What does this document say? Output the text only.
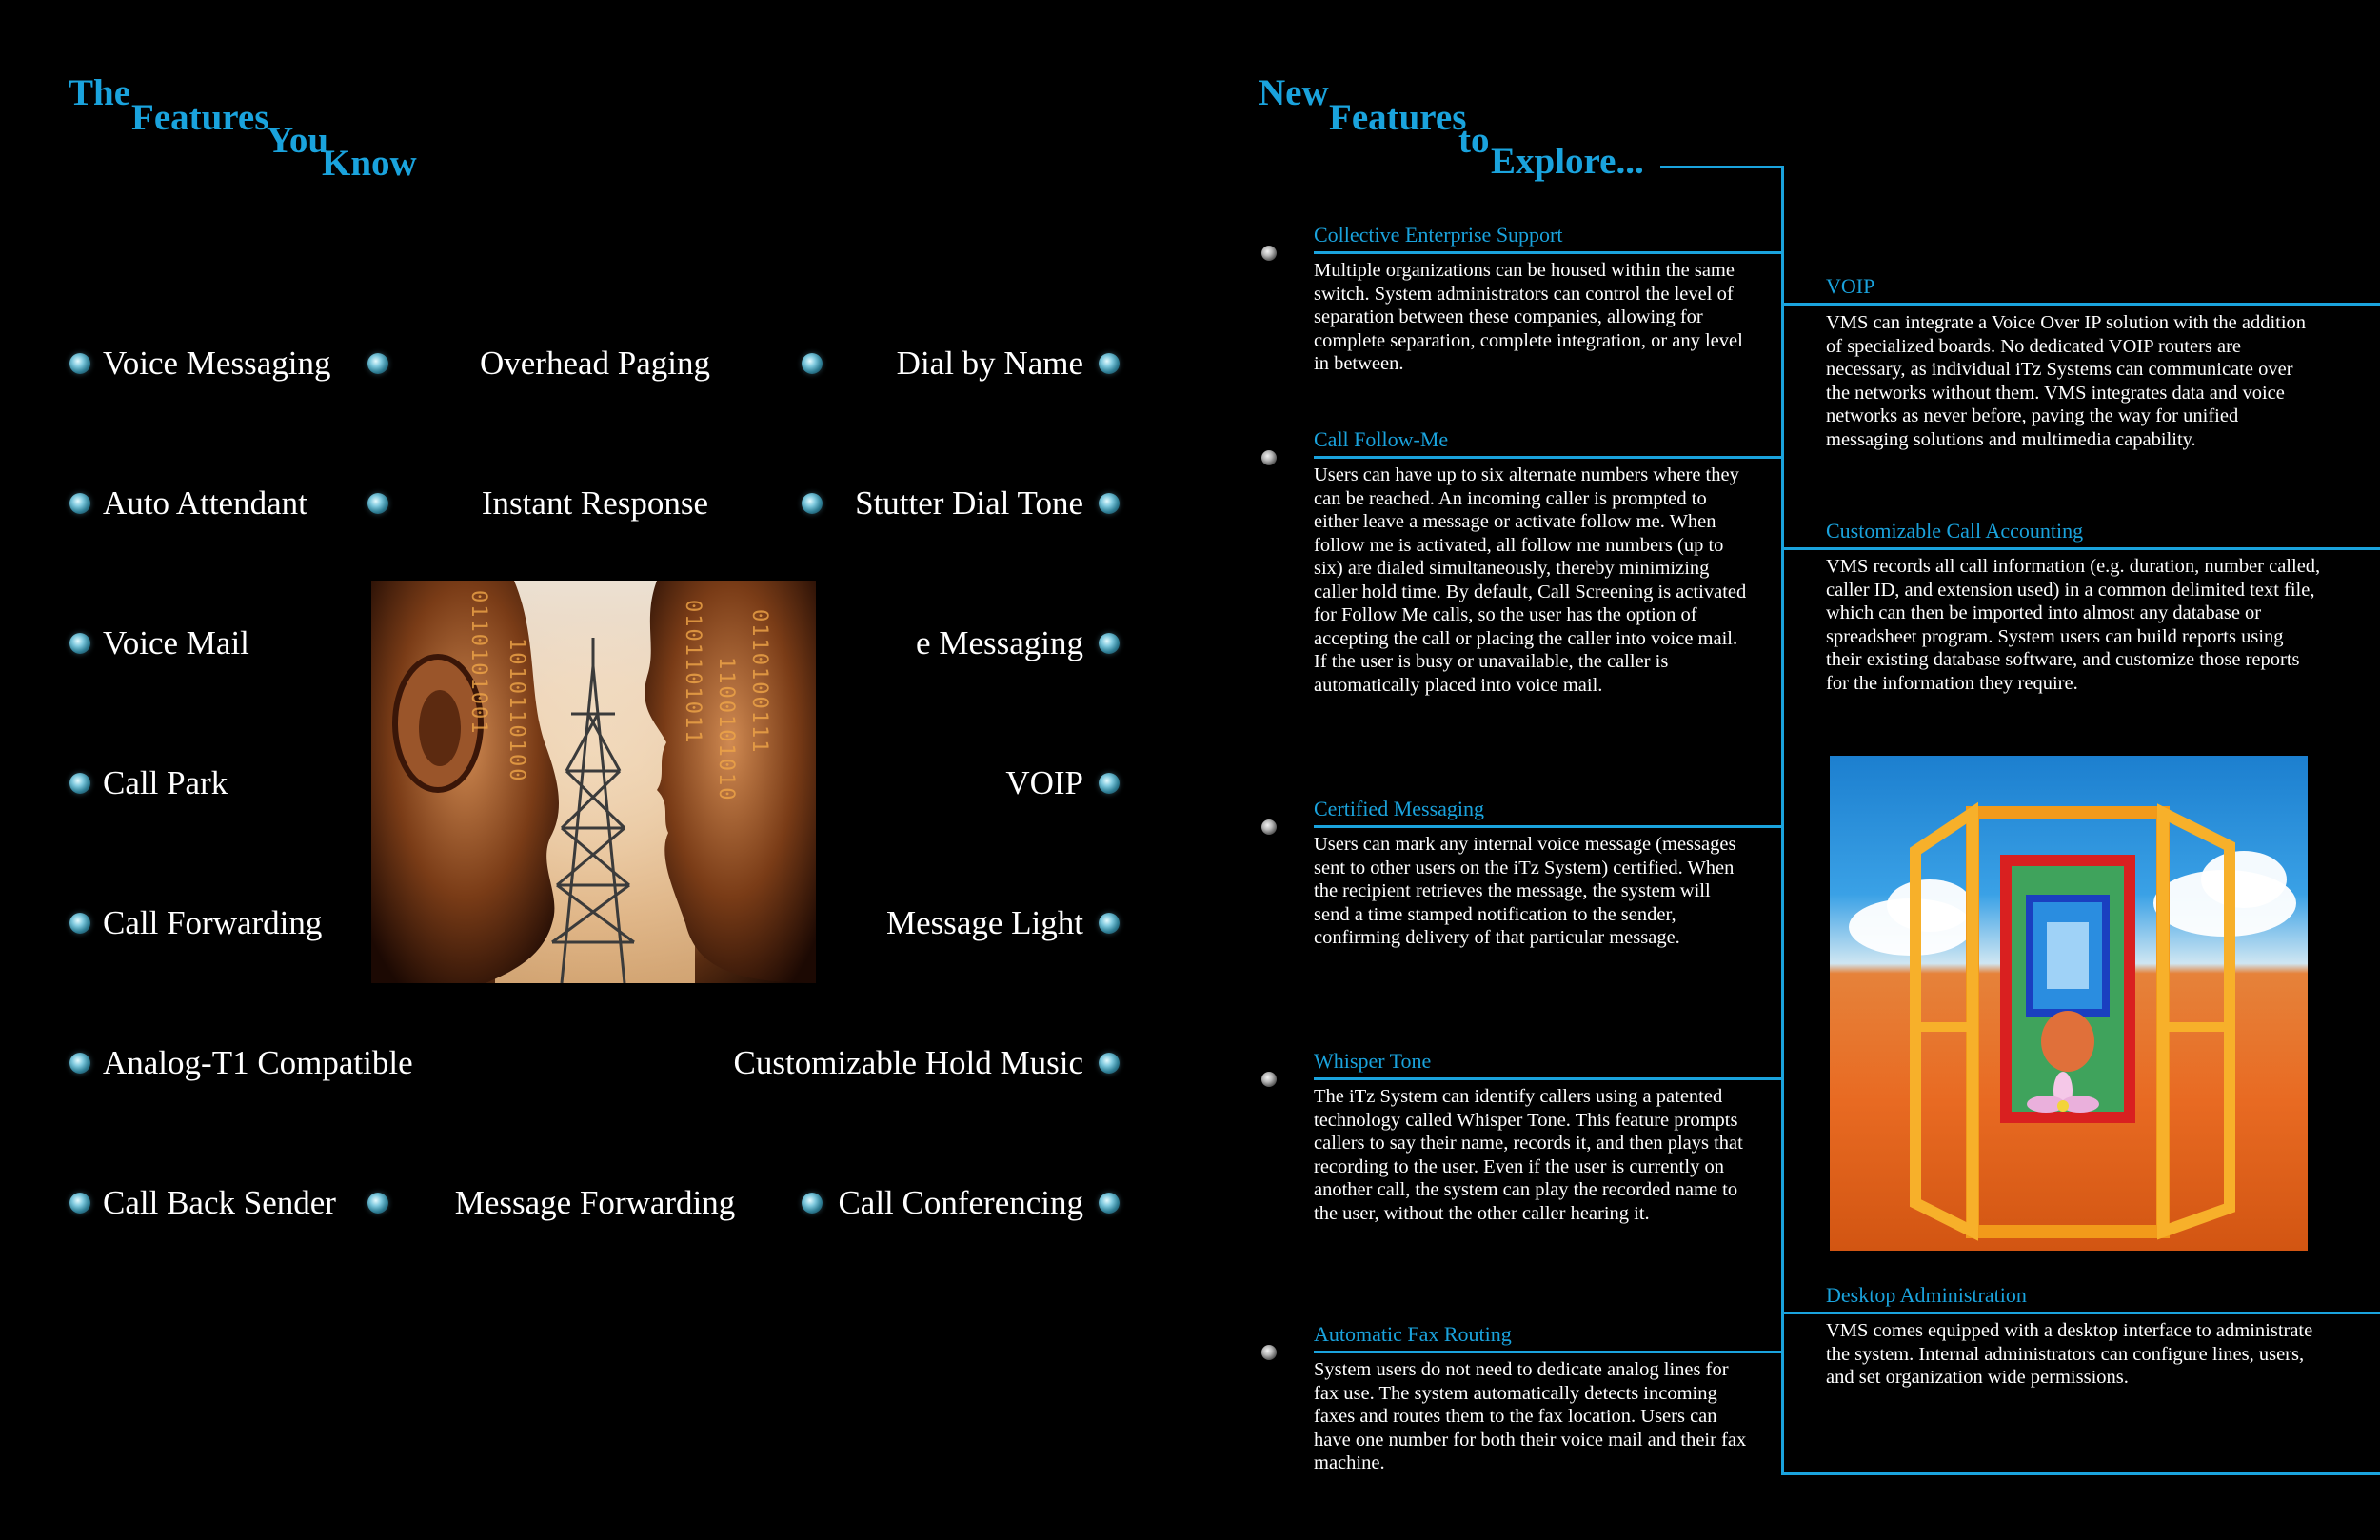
The
Features
You
Know
Voice Messaging	Overhead Paging	Dial by Name
Auto Attendant	Instant Response	Stutter Dial Tone
Voice Mail	e Messaging
Call Park	VOIP
Call Forwarding	Message Light
Analog-T1 Compatible	Customizable Hold Music
Call Back Sender	Message Forwarding	Call Conferencing
0110101001 1010110100	0101101011 1100101010 0110100111
New
Features
to
Explore...
Collective Enterprise Support
Multiple organizations can be housed within the same switch. System administrators can control the level of separation between these companies, allowing for complete separation, complete integration, or any level in between.
Call Follow-Me
Users can have up to six alternate numbers where they can be reached. An incoming caller is prompted to either leave a message or activate follow me. When follow me is activated, all follow me numbers (up to six) are dialed simultaneously, thereby minimizing caller hold time. By default, Call Screening is activated for Follow Me calls, so the user has the option of accepting the call or placing the caller into voice mail. If the user is busy or unavailable, the caller is automatically placed into voice mail.
Certified Messaging
Users can mark any internal voice message (messages sent to other users on the iTz System) certified. When the recipient retrieves the message, the system will send a time stamped notification to the sender, confirming delivery of that particular message.
Whisper Tone
The iTz System can identify callers using a patented technology called Whisper Tone. This feature prompts callers to say their name, records it, and then plays that recording to the user. Even if the user is currently on another call, the system can play the recorded name to the user, without the other caller hearing it.
Automatic Fax Routing
System users do not need to dedicate analog lines for fax use. The system automatically detects incoming faxes and routes them to the fax location. Users can have one number for both their voice mail and their fax machine.
VOIP
VMS can integrate a Voice Over IP solution with the addition of specialized boards. No dedicated VOIP routers are necessary, as individual iTz Systems can communicate over the networks without them. VMS integrates data and voice networks as never before, paving the way for unified messaging solutions and multimedia capability.
Customizable Call Accounting
VMS records all call information (e.g. duration, number called, caller ID, and extension used) in a common delimited text file, which can then be imported into almost any database or spreadsheet program. System users can build reports using their existing database software, and customize those reports for the information they require.
Desktop Administration
VMS comes equipped with a desktop interface to administrate the system. Internal administrators can configure lines, users, and set organization wide permissions.
